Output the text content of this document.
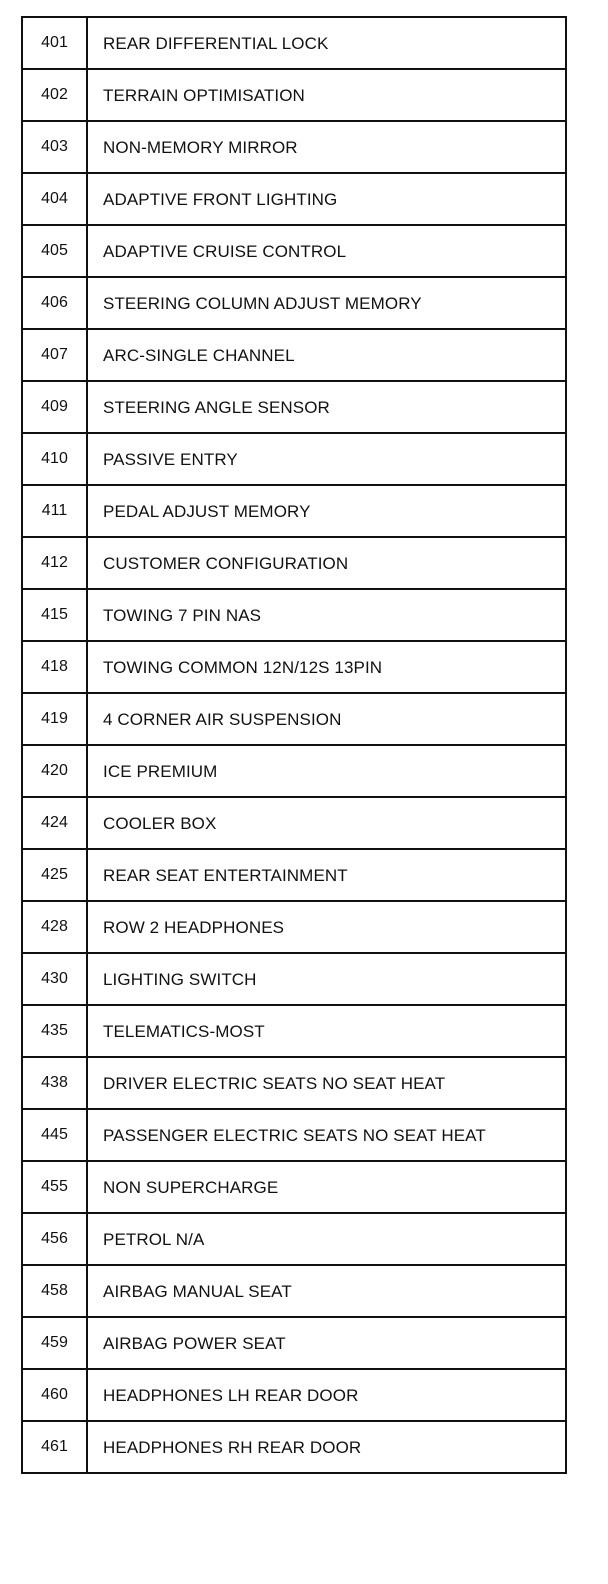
401	REAR DIFFERENTIAL LOCK
402	TERRAIN OPTIMISATION
403	NON-MEMORY MIRROR
404	ADAPTIVE FRONT LIGHTING
405	ADAPTIVE CRUISE CONTROL
406	STEERING COLUMN ADJUST MEMORY
407	ARC-SINGLE CHANNEL
409	STEERING ANGLE SENSOR
410	PASSIVE ENTRY
411	PEDAL ADJUST MEMORY
412	CUSTOMER CONFIGURATION
415	TOWING 7 PIN NAS
418	TOWING COMMON 12N/12S 13PIN
419	4 CORNER AIR SUSPENSION
420	ICE PREMIUM
424	COOLER BOX
425	REAR SEAT ENTERTAINMENT
428	ROW 2 HEADPHONES
430	LIGHTING SWITCH
435	TELEMATICS-MOST
438	DRIVER ELECTRIC SEATS NO SEAT HEAT
445	PASSENGER ELECTRIC SEATS NO SEAT HEAT
455	NON SUPERCHARGE
456	PETROL N/A
458	AIRBAG MANUAL SEAT
459	AIRBAG POWER SEAT
460	HEADPHONES LH REAR DOOR
461	HEADPHONES RH REAR DOOR
